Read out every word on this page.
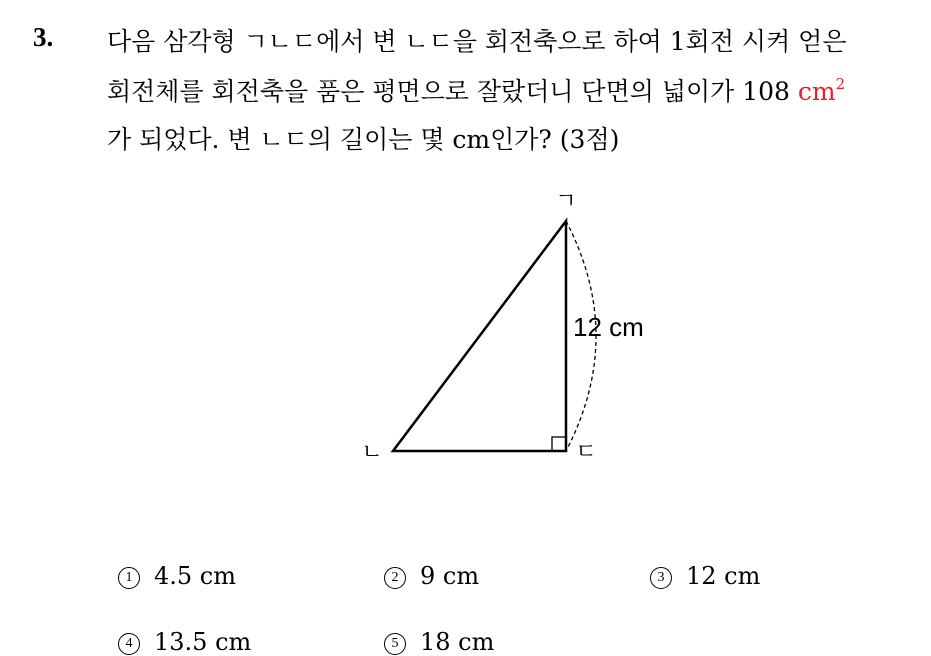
3. 다음 삼각형 ㄱㄴㄷ에서 변 ㄴㄷ을 회전축으로 하여 1회전 시켜 얻은
회전체를 회전축을 품은 평면으로 잘랐더니 단면의 넓이가 108 $cm^2$
가 되었다. 변 ㄴㄷ의 길이는 몇 cm인가? (3점)
ㄱ
ㄴ	ㄷ
12 cm
1 4.5 cm	2 9 cm	3 12 cm
4 13.5 cm	5 18 cm
